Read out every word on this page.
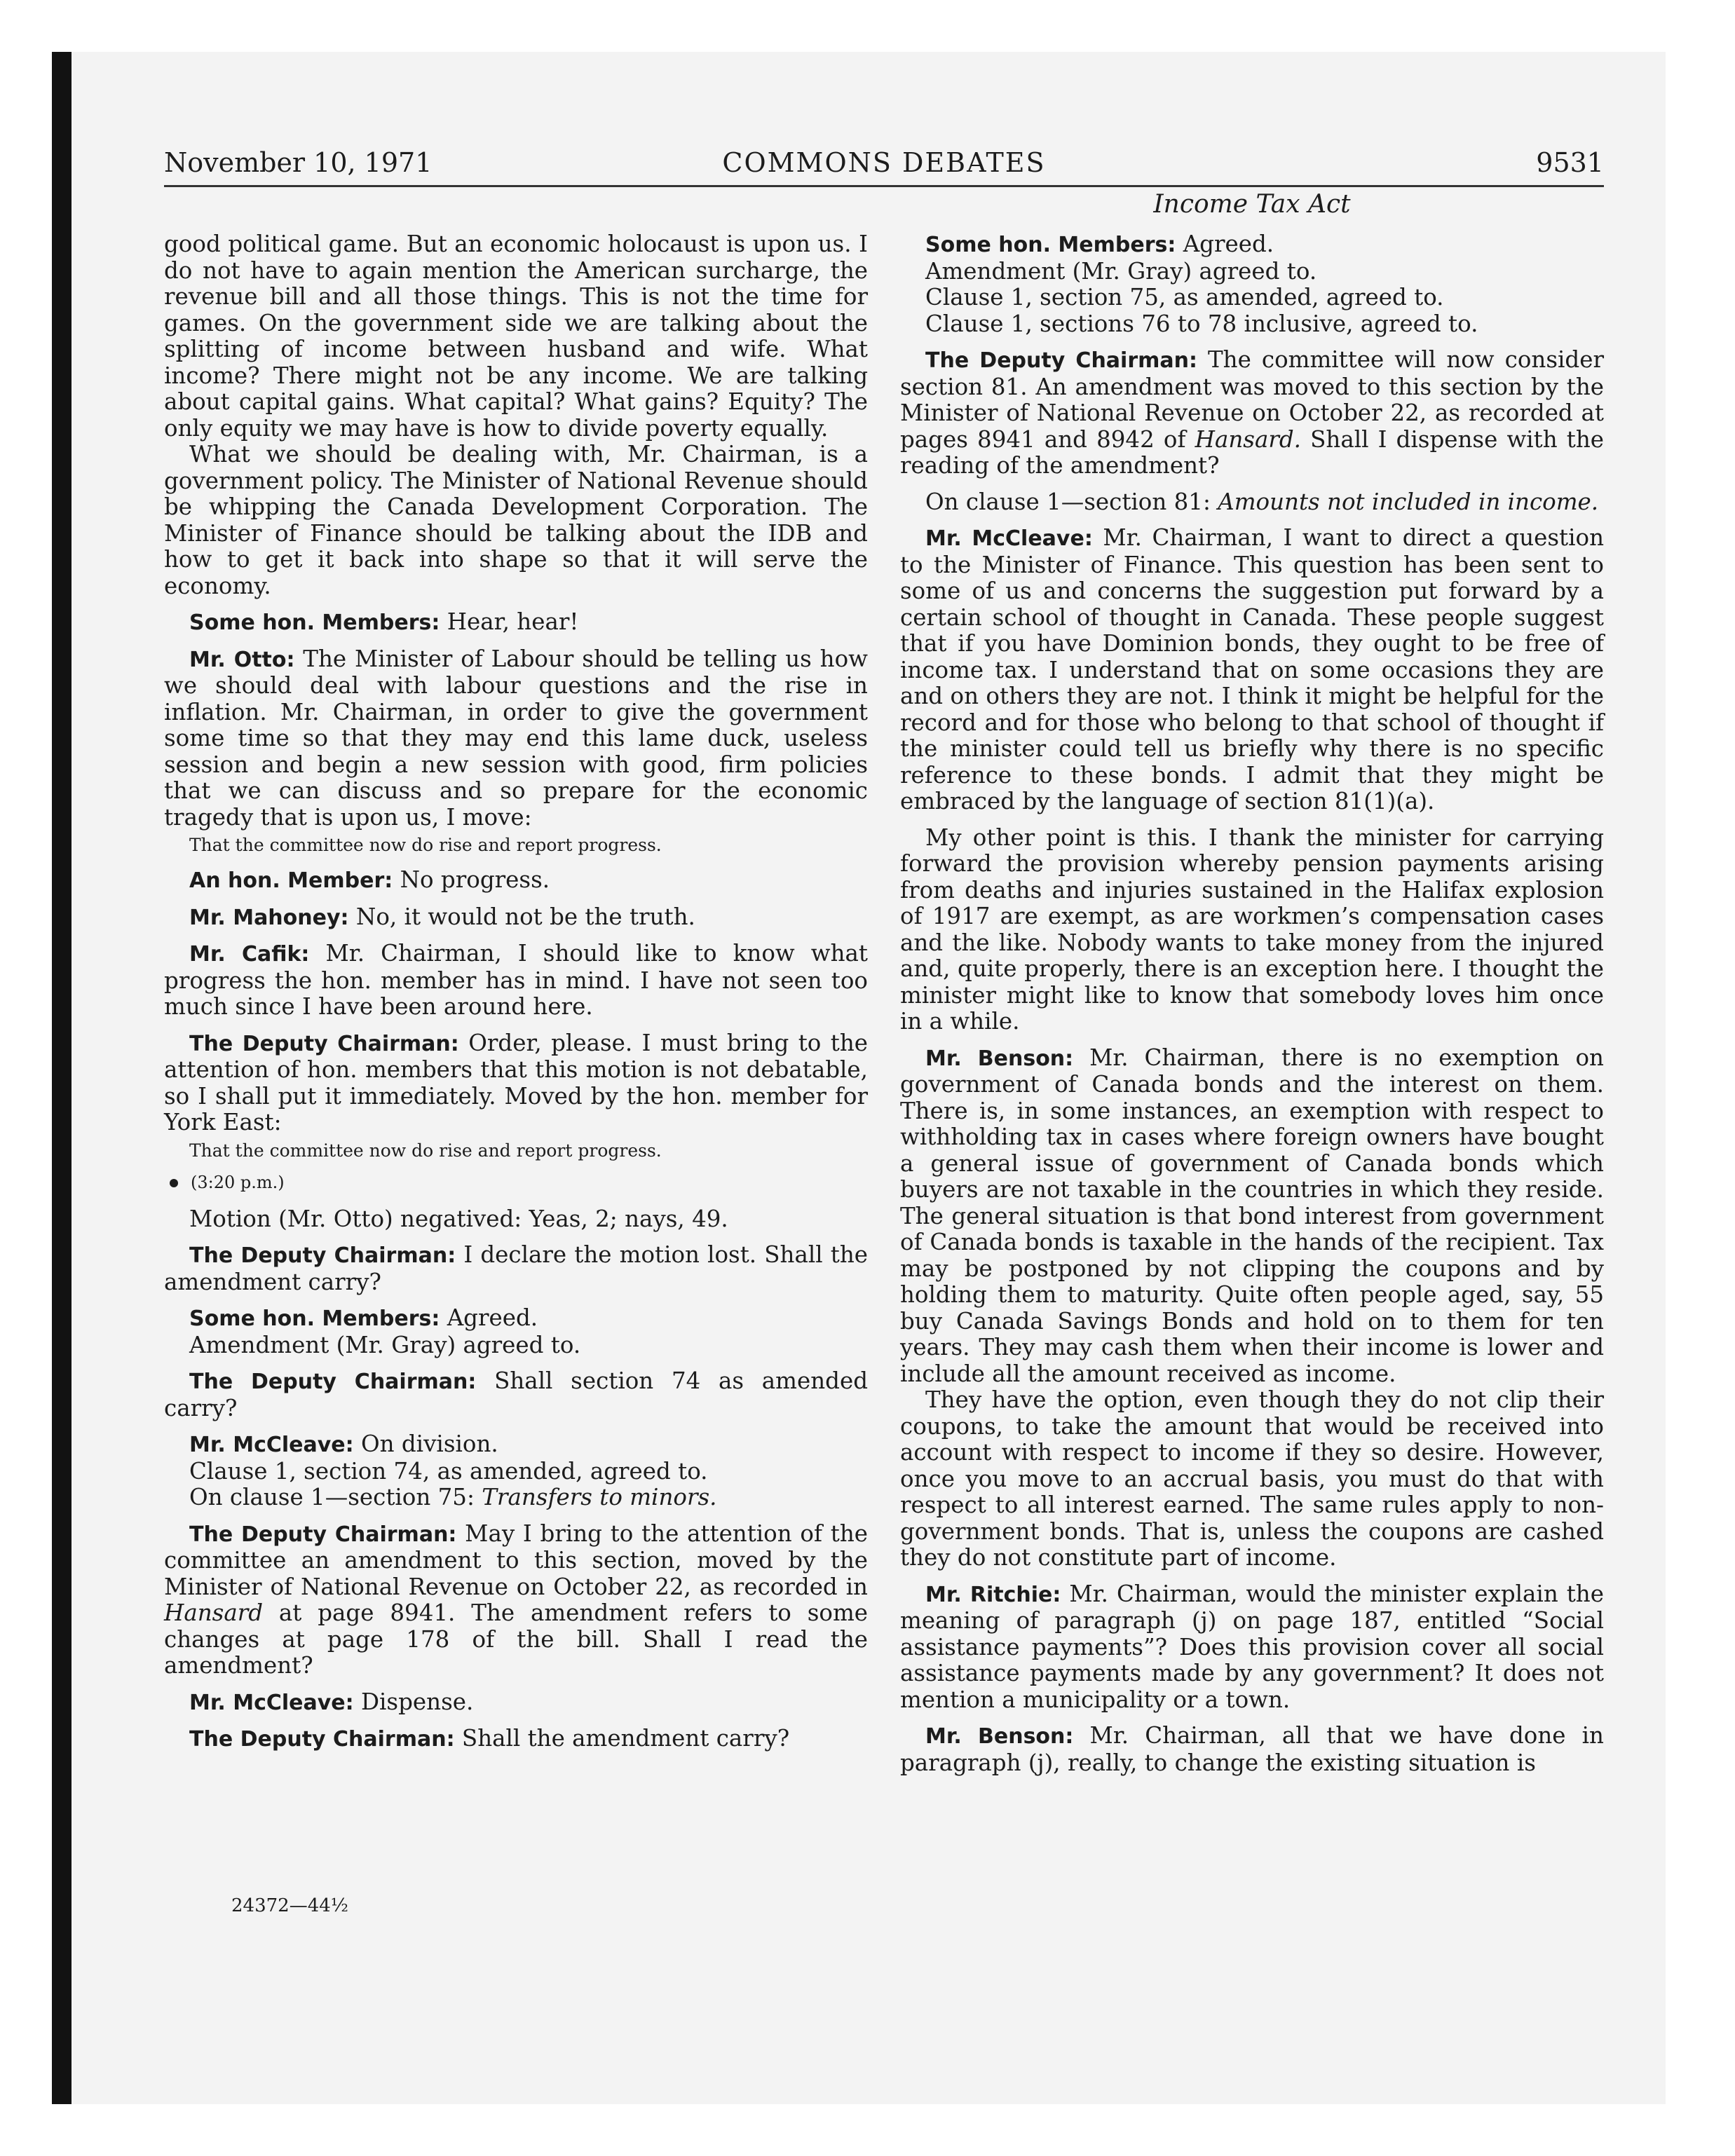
November 10, 1971	COMMONS DEBATES	9531
Income Tax Act

good political game. But an economic holocaust is upon us. I do not have to again mention the American surcharge, the revenue bill and all those things. This is not the time for games. On the government side we are talking about the splitting of income between husband and wife. What income? There might not be any income. We are talking about capital gains. What capital? What gains? Equity? The only equity we may have is how to divide poverty equally.

What we should be dealing with, Mr. Chairman, is a government policy. The Minister of National Revenue should be whipping the Canada Development Corporation. The Minister of Finance should be talking about the IDB and how to get it back into shape so that it will serve the economy.

Some hon. Members: Hear, hear!

Mr. Otto: The Minister of Labour should be telling us how we should deal with labour questions and the rise in inflation. Mr. Chairman, in order to give the government some time so that they may end this lame duck, useless session and begin a new session with good, firm policies that we can discuss and so prepare for the economic tragedy that is upon us, I move:

That the committee now do rise and report progress.

An hon. Member: No progress.

Mr. Mahoney: No, it would not be the truth.

Mr. Cafik: Mr. Chairman, I should like to know what progress the hon. member has in mind. I have not seen too much since I have been around here.

The Deputy Chairman: Order, please. I must bring to the attention of hon. members that this motion is not debatable, so I shall put it immediately. Moved by the hon. member for York East:

That the committee now do rise and report progress.

(3:20 p.m.)

Motion (Mr. Otto) negatived: Yeas, 2; nays, 49.

The Deputy Chairman: I declare the motion lost. Shall the amendment carry?

Some hon. Members: Agreed.

Amendment (Mr. Gray) agreed to.

The Deputy Chairman: Shall section 74 as amended carry?

Mr. McCleave: On division.

Clause 1, section 74, as amended, agreed to.

On clause 1—section 75: Transfers to minors.

The Deputy Chairman: May I bring to the attention of the committee an amendment to this section, moved by the Minister of National Revenue on October 22, as recorded in Hansard at page 8941. The amendment refers to some changes at page 178 of the bill. Shall I read the amendment?

Mr. McCleave: Dispense.

The Deputy Chairman: Shall the amendment carry?

Some hon. Members: Agreed.

Amendment (Mr. Gray) agreed to.

Clause 1, section 75, as amended, agreed to.

Clause 1, sections 76 to 78 inclusive, agreed to.

The Deputy Chairman: The committee will now consider section 81. An amendment was moved to this section by the Minister of National Revenue on October 22, as recorded at pages 8941 and 8942 of Hansard. Shall I dispense with the reading of the amendment?

On clause 1—section 81: Amounts not included in income.

Mr. McCleave: Mr. Chairman, I want to direct a question to the Minister of Finance. This question has been sent to some of us and concerns the suggestion put forward by a certain school of thought in Canada. These people suggest that if you have Dominion bonds, they ought to be free of income tax. I understand that on some occasions they are and on others they are not. I think it might be helpful for the record and for those who belong to that school of thought if the minister could tell us briefly why there is no specific reference to these bonds. I admit that they might be embraced by the language of section 81(1)(a).

My other point is this. I thank the minister for carrying forward the provision whereby pension payments arising from deaths and injuries sustained in the Halifax explosion of 1917 are exempt, as are workmen’s compensation cases and the like. Nobody wants to take money from the injured and, quite properly, there is an exception here. I thought the minister might like to know that somebody loves him once in a while.

Mr. Benson: Mr. Chairman, there is no exemption on government of Canada bonds and the interest on them. There is, in some instances, an exemption with respect to withholding tax in cases where foreign owners have bought a general issue of government of Canada bonds which buyers are not taxable in the countries in which they reside. The general situation is that bond interest from government of Canada bonds is taxable in the hands of the recipient. Tax may be postponed by not clipping the coupons and by holding them to maturity. Quite often people aged, say, 55 buy Canada Savings Bonds and hold on to them for ten years. They may cash them when their income is lower and include all the amount received as income.

They have the option, even though they do not clip their coupons, to take the amount that would be received into account with respect to income if they so desire. However, once you move to an accrual basis, you must do that with respect to all interest earned. The same rules apply to non-government bonds. That is, unless the coupons are cashed they do not constitute part of income.

Mr. Ritchie: Mr. Chairman, would the minister explain the meaning of paragraph (j) on page 187, entitled “Social assistance payments”? Does this provision cover all social assistance payments made by any government? It does not mention a municipality or a town.

Mr. Benson: Mr. Chairman, all that we have done in paragraph (j), really, to change the existing situation is

24372—44½
